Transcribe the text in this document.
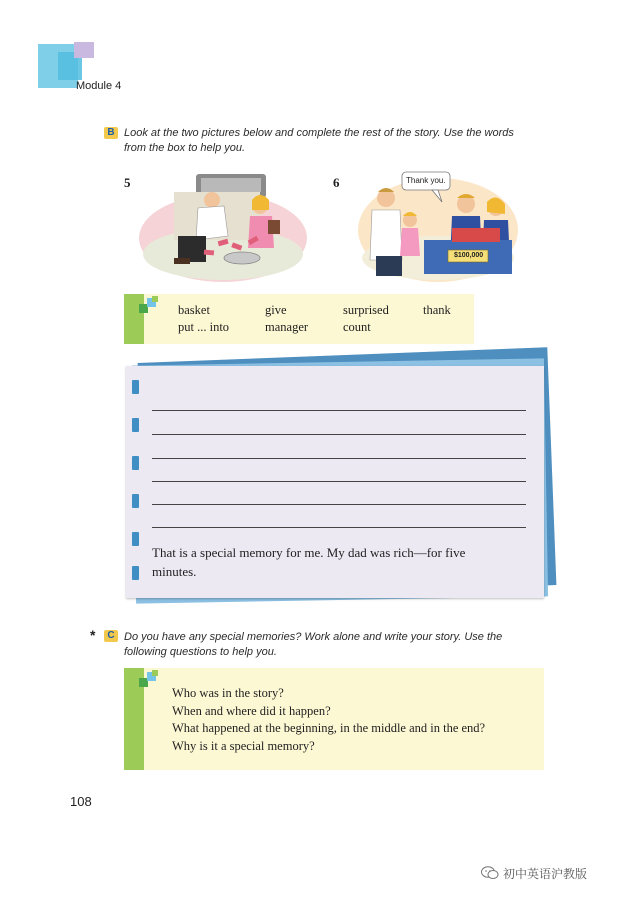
Module 4
B Look at the two pictures below and complete the rest of the story. Use the words
from the box to help you.
5	6	Thank you.
$100,000
basket	give	surprised	thank
put ... into	manager	count
That is a special memory for me. My dad was rich—for five
minutes.
*	C Do you have any special memories? Work alone and write your story. Use the
following questions to help you.
Who was in the story?
When and where did it happen?
What happened at the beginning, in the middle and in the end?
Why is it a special memory?
108
初中英语沪教版
